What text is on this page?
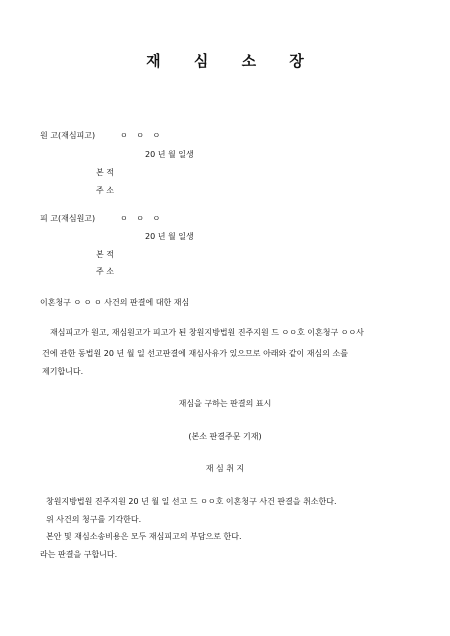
재 심 소 장
원 고(재심피고)	ㅇ ㅇ ㅇ
20 년 월 일생
본 적
주 소
피 고(재심원고)	ㅇ ㅇ ㅇ
20 년 월 일생
본 적
주 소
이혼청구 ㅇ ㅇ ㅇ 사건의 판결에 대한 재심
재심피고가 원고, 재심원고가 피고가 된 창원지방법원 진주지원 드 ㅇㅇ호 이혼청구 ㅇㅇ사
건에 관한 동법원 20 년 월 일 선고판결에 재심사유가 있으므로 아래와 같이 재심의 소를
제기합니다.
재심을 구하는 판결의 표시
(본소 판결주문 기재)
재 심 취 지
창원지방법원 진주지원 20 년 월 일 선고 드 ㅇㅇ호 이혼청구 사건 판결을 취소한다.
위 사건의 청구를 기각한다.
본안 및 재심소송비용은 모두 재심피고의 부담으로 한다.
라는 판결을 구합니다.
